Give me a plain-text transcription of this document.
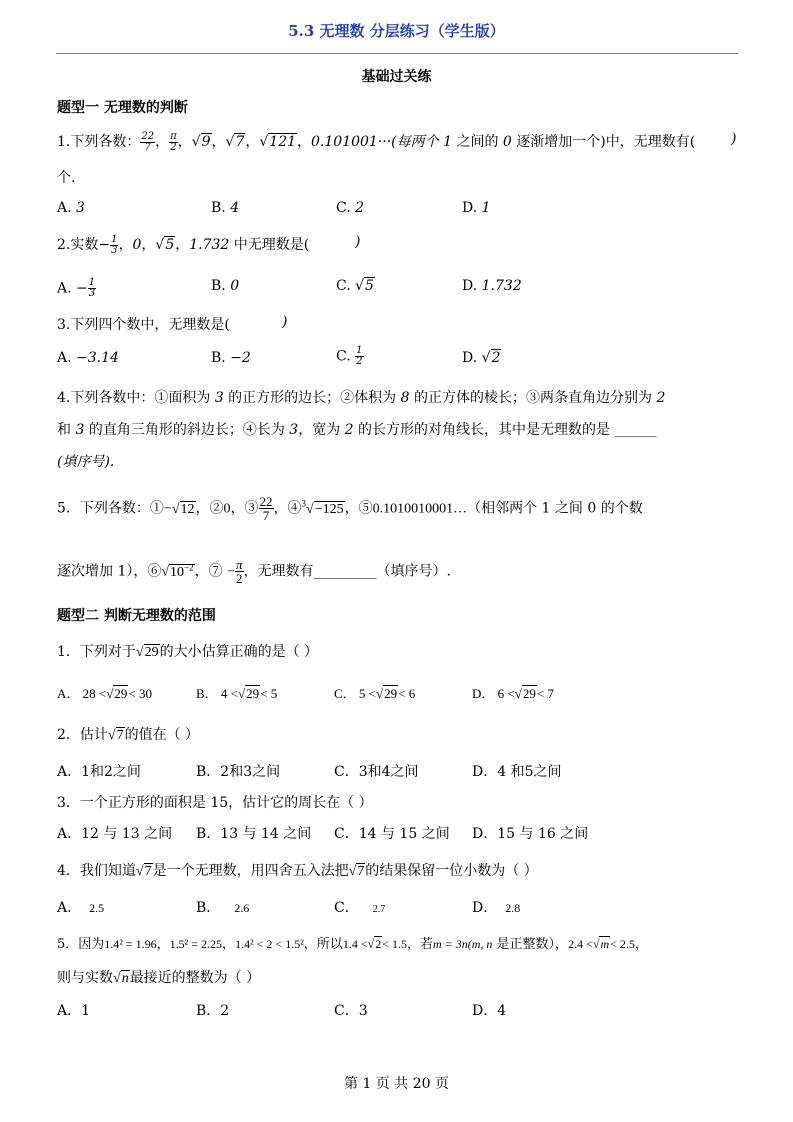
5.3 无理数 分层练习（学生版）
基础过关练
题型一 无理数的判断
1.下列各数： $\frac{22}{7}$ ， $\frac{\pi}{2}$ ，√9，√7，√121，0.101001···(每两个 1 之间的 0 逐渐增加一个)中，无理数有(	)
个.
A. 3	B. 4	C. 2	D. 1
2.实数− $\frac{1}{3}$ ，0，√5，1.732 中无理数是(	)
A. − $\frac{1}{3}$	B. 0	C. √5	D. 1.732
3.下列四个数中，无理数是(	)
A. −3.14	B. −2	C. $\frac{1}{2}$	D. √2
4.下列各数中：①面积为 3 的正方形的边长；②体积为 8 的正方体的棱长；③两条直角边分别为 2
和 3 的直角三角形的斜边长；④长为 3，宽为 2 的长方形的对角线长，其中是无理数的是 ______
(填序号).
5．下列各数：①−√12，②0，③ $\frac{22}{7}$ ，④$^3$√−125，⑤0.1010010001…（相邻两个 1 之间 0 的个数
逐次增加 1），$⑥√10^{-2}$，⑦ − $\frac{\pi}{2}$ ，无理数有_________（填序号）.
题型二 判断无理数的范围
1．下列对于√29的大小估算正确的是（ ）
A． 28 <√29< 30	B． 4 <√29< 5	C． 5 <√29< 6	D． 6 <√29< 7
2．估计√7的值在（ ）
A．1和2之间	B．2和3之间	C．3和4之间	D．4 和5之间
3．一个正方形的面积是 15，估计它的周长在（ ）
A．12 与 13 之间 B．13 与 14 之间 C．14 与 15 之间 D．15 与 16 之间
4．我们知道√7是一个无理数，用四舍五入法把√7的结果保留一位小数为（ ）
A． 2.5	B． 2.6	C． 2.7	D． 2.8
5．因为1.4² = 1.96，1.5² = 2.25，1.4² < 2 < 1.5²，所以1.4 <√2< 1.5，若m = 3n(m, n 是正整数），2.4 <√m< 2.5，
则与实数√n最接近的整数为（ ）
A．1	B．2	C．3	D．4
第 1 页 共 20 页
